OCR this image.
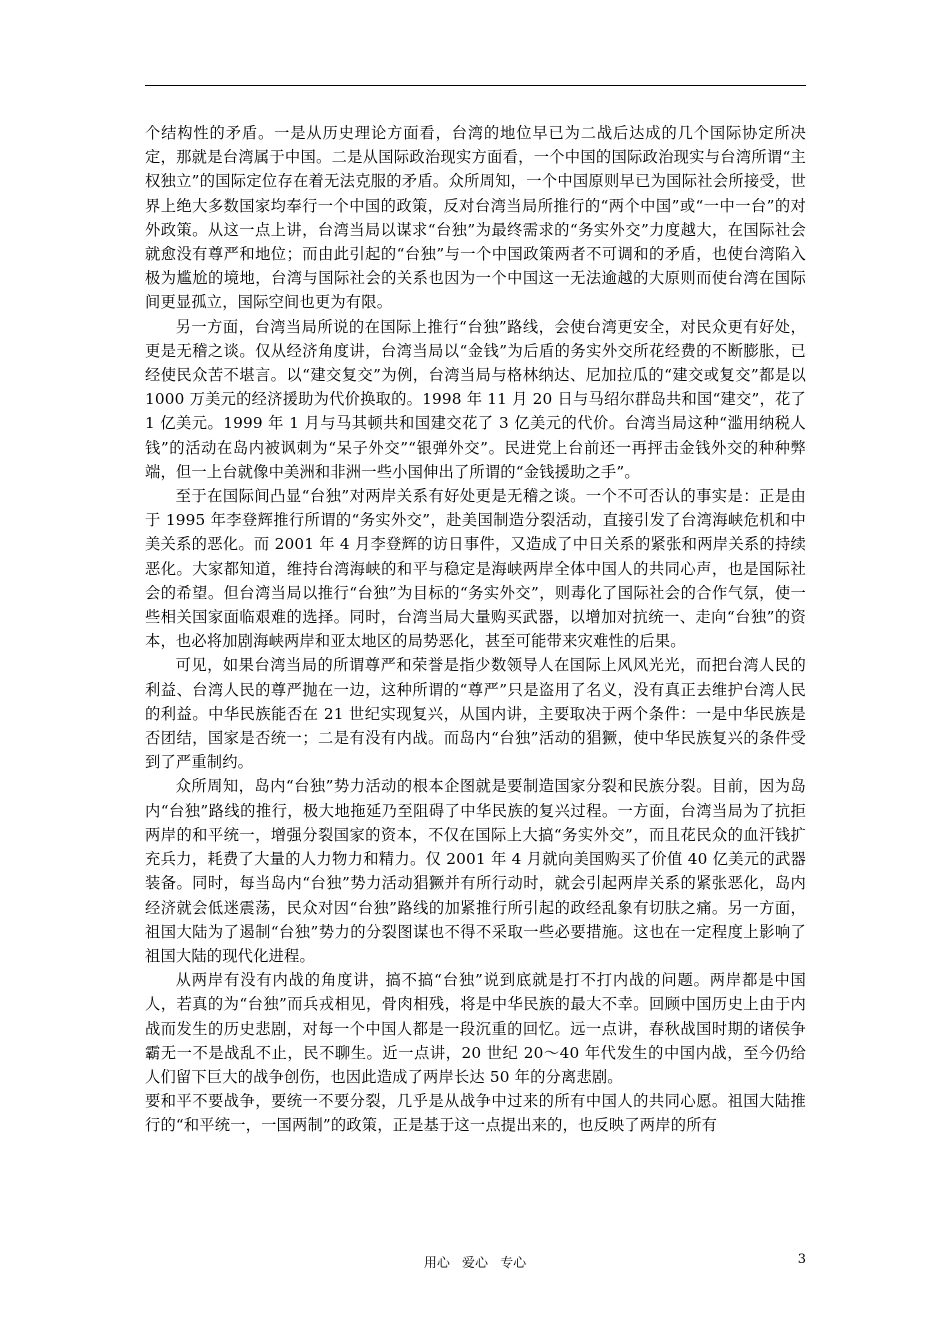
个结构性的矛盾。一是从历史理论方面看，台湾的地位早已为二战后达成的几个国际协定所决定，那就是台湾属于中国。二是从国际政治现实方面看，一个中国的国际政治现实与台湾所谓“主权独立”的国际定位存在着无法克服的矛盾。众所周知，一个中国原则早已为国际社会所接受，世界上绝大多数国家均奉行一个中国的政策，反对台湾当局所推行的“两个中国”或“一中一台”的对外政策。从这一点上讲，台湾当局以谋求“台独”为最终需求的“务实外交”力度越大，在国际社会就愈没有尊严和地位；而由此引起的“台独”与一个中国政策两者不可调和的矛盾，也使台湾陷入极为尴尬的境地，台湾与国际社会的关系也因为一个中国这一无法逾越的大原则而使台湾在国际间更显孤立，国际空间也更为有限。

另一方面，台湾当局所说的在国际上推行“台独”路线，会使台湾更安全，对民众更有好处，更是无稽之谈。仅从经济角度讲，台湾当局以“金钱”为后盾的务实外交所花经费的不断膨胀，已经使民众苦不堪言。以“建交复交”为例，台湾当局与格林纳达、尼加拉瓜的“建交或复交”都是以 1000 万美元的经济援助为代价换取的。1998 年 11 月 20 日与马绍尔群岛共和国“建交”，花了 1 亿美元。1999 年 1 月与马其顿共和国建交花了 3 亿美元的代价。台湾当局这种“滥用纳税人钱”的活动在岛内被讽刺为“呆子外交”“银弹外交”。民进党上台前还一再抨击金钱外交的种种弊端，但一上台就像中美洲和非洲一些小国伸出了所谓的“金钱援助之手”。

至于在国际间凸显“台独”对两岸关系有好处更是无稽之谈。一个不可否认的事实是：正是由于 1995 年李登辉推行所谓的“务实外交”，赴美国制造分裂活动，直接引发了台湾海峡危机和中美关系的恶化。而 2001 年 4 月李登辉的访日事件，又造成了中日关系的紧张和两岸关系的持续恶化。大家都知道，维持台湾海峡的和平与稳定是海峡两岸全体中国人的共同心声，也是国际社会的希望。但台湾当局以推行“台独”为目标的“务实外交”，则毒化了国际社会的合作气氛，使一些相关国家面临艰难的选择。同时，台湾当局大量购买武器，以增加对抗统一、走向“台独”的资本，也必将加剧海峡两岸和亚太地区的局势恶化，甚至可能带来灾难性的后果。

可见，如果台湾当局的所谓尊严和荣誉是指少数领导人在国际上风风光光，而把台湾人民的利益、台湾人民的尊严抛在一边，这种所谓的“尊严”只是盗用了名义，没有真正去维护台湾人民的利益。中华民族能否在 21 世纪实现复兴，从国内讲，主要取决于两个条件：一是中华民族是否团结，国家是否统一；二是有没有内战。而岛内“台独”活动的猖獗，使中华民族复兴的条件受到了严重制约。

众所周知，岛内“台独”势力活动的根本企图就是要制造国家分裂和民族分裂。目前，因为岛内“台独”路线的推行，极大地拖延乃至阻碍了中华民族的复兴过程。一方面，台湾当局为了抗拒两岸的和平统一，增强分裂国家的资本，不仅在国际上大搞“务实外交”，而且花民众的血汗钱扩充兵力，耗费了大量的人力物力和精力。仅 2001 年 4 月就向美国购买了价值 40 亿美元的武器装备。同时，每当岛内“台独”势力活动猖獗并有所行动时，就会引起两岸关系的紧张恶化，岛内经济就会低迷震荡，民众对因“台独”路线的加紧推行所引起的政经乱象有切肤之痛。另一方面，祖国大陆为了遏制“台独”势力的分裂图谋也不得不采取一些必要措施。这也在一定程度上影响了祖国大陆的现代化进程。

从两岸有没有内战的角度讲，搞不搞“台独”说到底就是打不打内战的问题。两岸都是中国人，若真的为“台独”而兵戎相见，骨肉相残，将是中华民族的最大不幸。回顾中国历史上由于内战而发生的历史悲剧，对每一个中国人都是一段沉重的回忆。远一点讲，春秋战国时期的诸侯争霸无一不是战乱不止，民不聊生。近一点讲，20 世纪 20～40 年代发生的中国内战，至今仍给人们留下巨大的战争创伤，也因此造成了两岸长达 50 年的分离悲剧。

要和平不要战争，要统一不要分裂，几乎是从战争中过来的所有中国人的共同心愿。祖国大陆推行的“和平统一，一国两制”的政策，正是基于这一点提出来的，也反映了两岸的所有

用心 爱心 专心	3
